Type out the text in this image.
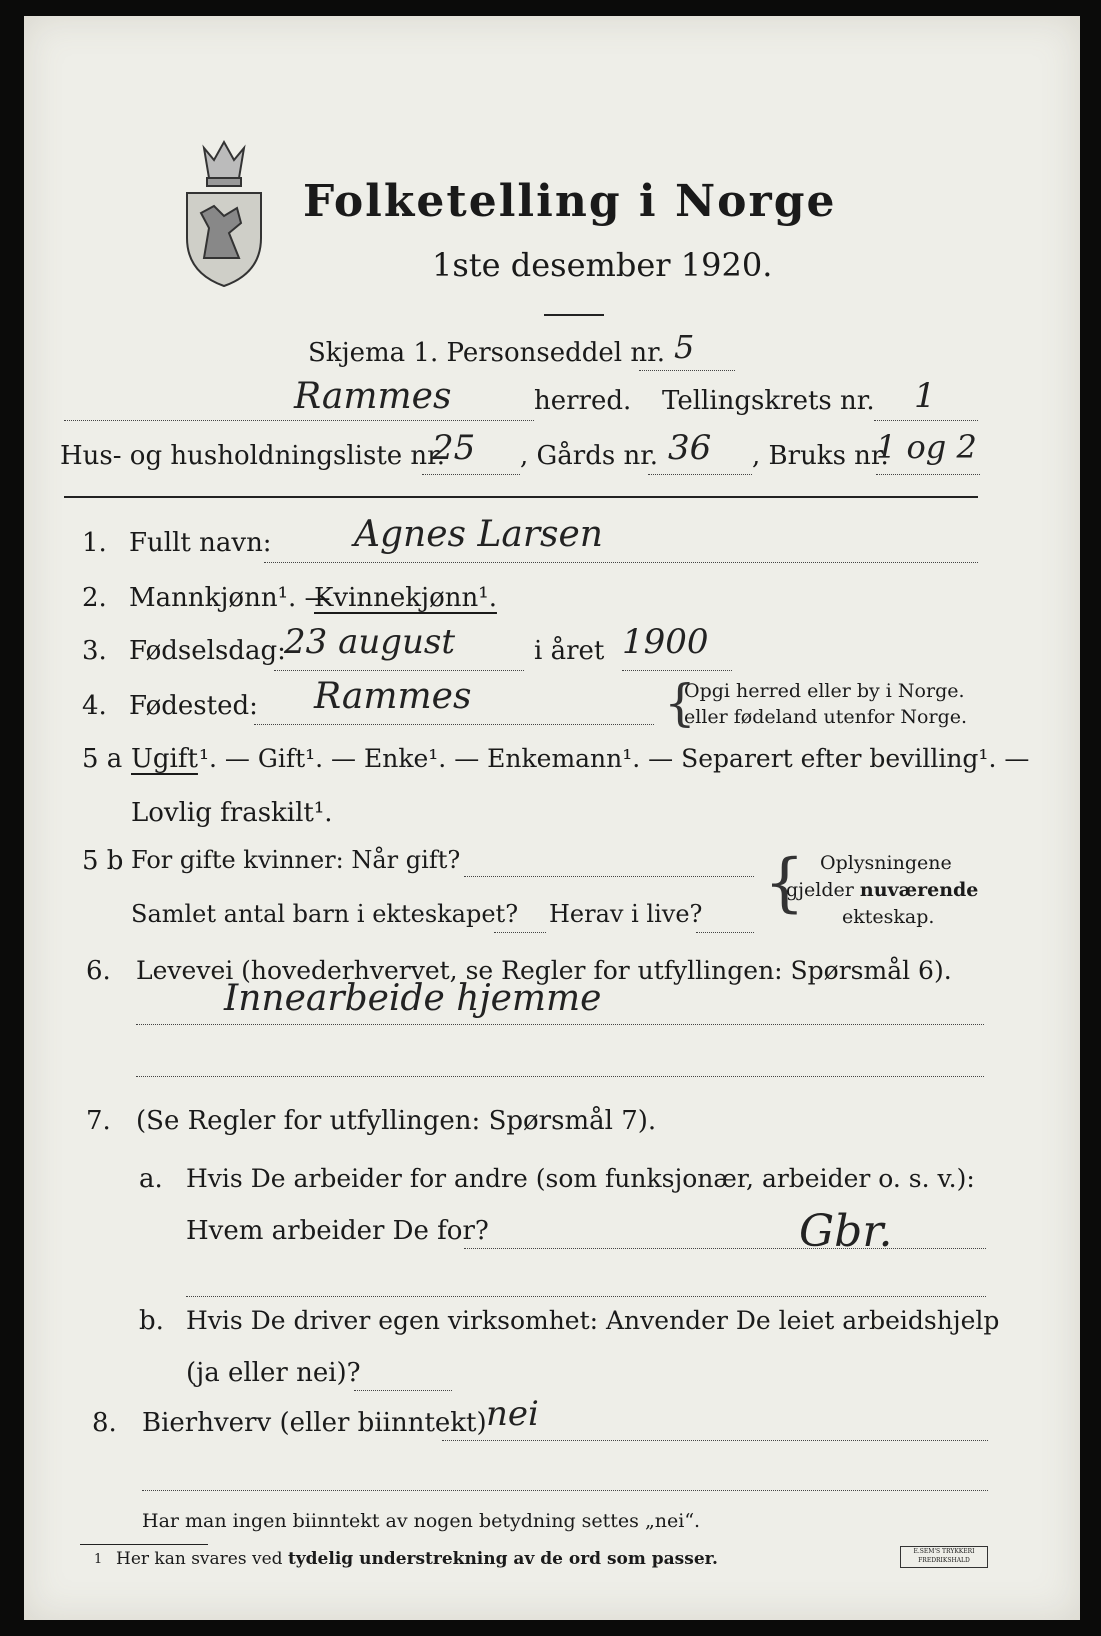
Folketelling i Norge
1ste desember 1920.
Skjema 1. Personseddel nr. 5
Rammes	herred. Tellingskrets nr. 1
Hus- og husholdningsliste nr.
25 , Gårds nr. 36 , Bruks nr.
1 og 2
1. Fullt navn: Agnes Larsen
2. Mannkjønn¹. —
Kvinnekjønn¹.
3. Fødselsdag:
23 august	i året 1900
4. Fødested: Rammes	{
Opgi herred eller by i Norge.
eller fødeland utenfor Norge.
5 a Ugift ¹. — Gift¹. — Enke¹. — Enkemann¹. — Separert efter bevilling¹. —
Lovlig fraskilt¹.
5 b For gifte kvinner: Når gift?
Samlet antal barn i ekteskapet? Herav i live? { Oplysningene
gjelder nuværende
ekteskap.
6. Levevei (hovederhvervet, se Regler for utfyllingen: Spørsmål 6).
Innearbeide hjemme
7. (Se Regler for utfyllingen: Spørsmål 7).
a. Hvis De arbeider for andre (som funksjonær, arbeider o. s. v.):
Hvem arbeider De for?	Gbr.
b. Hvis De driver egen virksomhet: Anvender De leiet arbeidshjelp
(ja eller nei)?
8. Bierhverv (eller biinntekt) nei
Har man ingen biinntekt av nogen betydning settes „nei“.
1 Her kan svares ved tydelig understrekning av de ord som passer.	E.SEM'S TRYKKERI
FREDRIKSHALD
